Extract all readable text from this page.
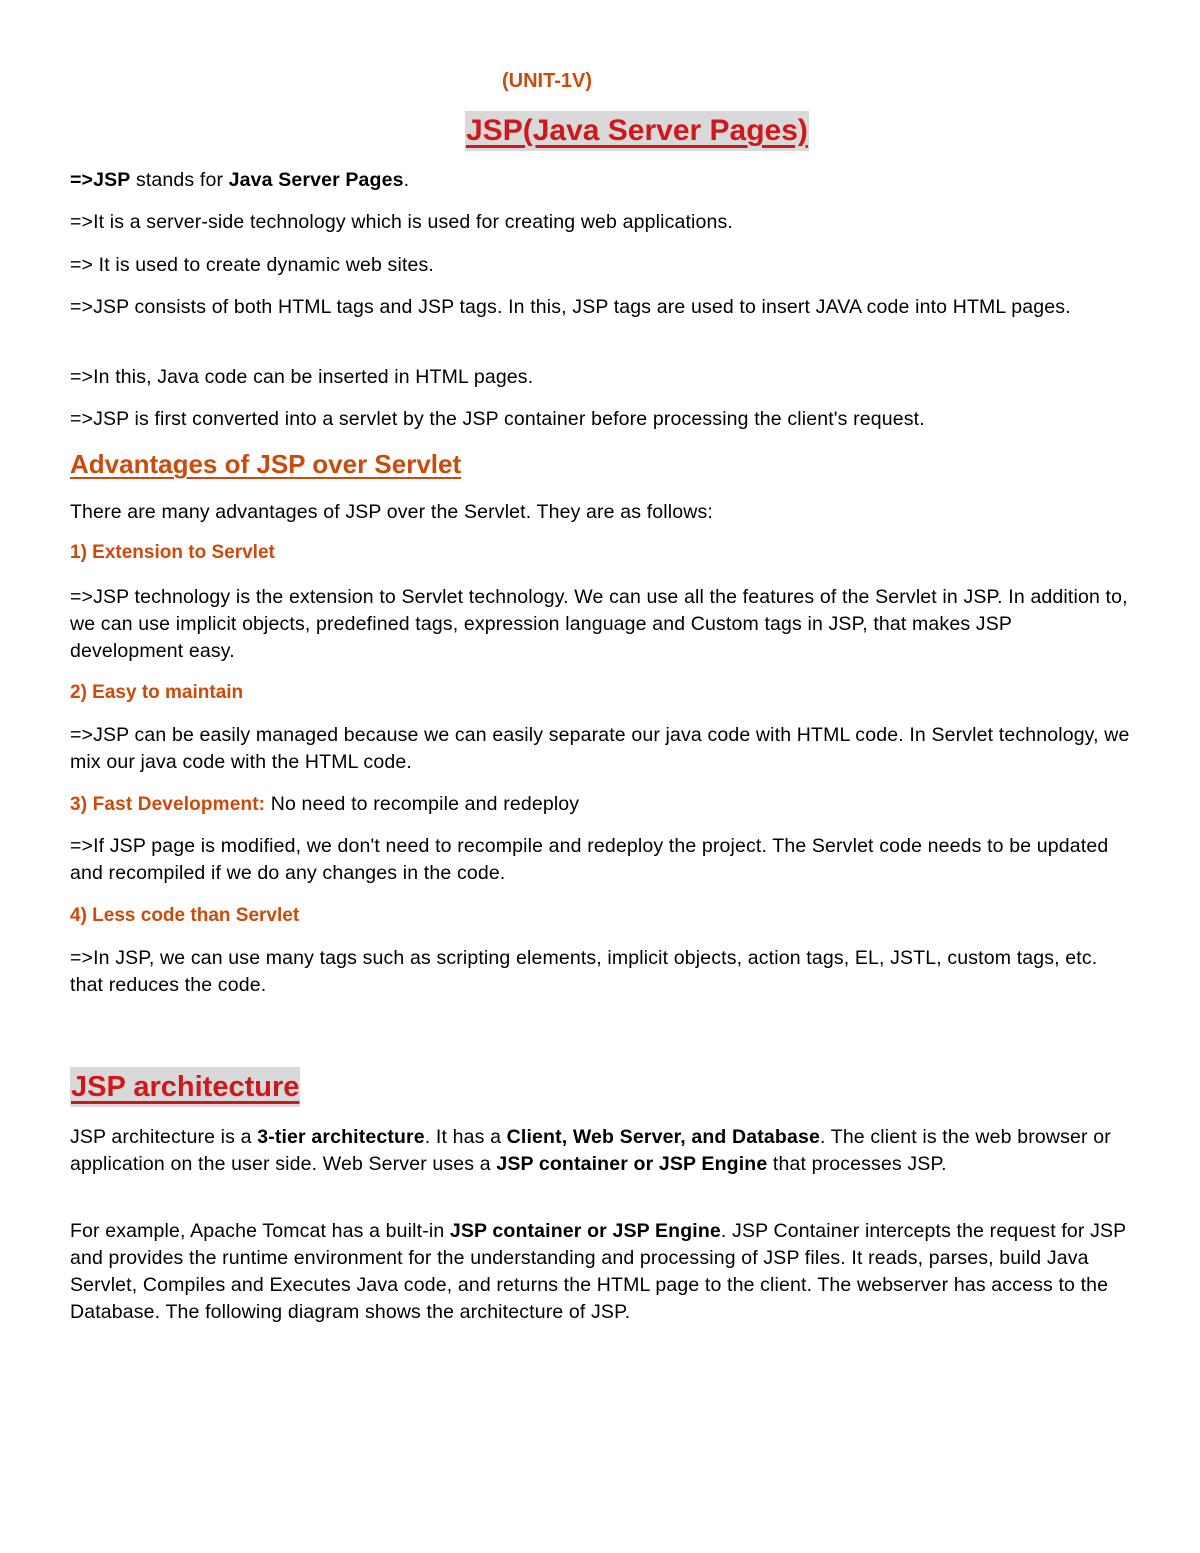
(UNIT-1V)
JSP(Java Server Pages)
=>JSP stands for Java Server Pages.
=>It is a server-side technology which is used for creating web applications.
=> It is used to create dynamic web sites.
=>JSP consists of both HTML tags and JSP tags. In this, JSP tags are used to insert JAVA code into HTML pages.
=>In this, Java code can be inserted in HTML pages.
=>JSP is first converted into a servlet by the JSP container before processing the client's request.
Advantages of JSP over Servlet
There are many advantages of JSP over the Servlet. They are as follows:
1) Extension to Servlet
=>JSP technology is the extension to Servlet technology. We can use all the features of the Servlet in JSP. In addition to, we can use implicit objects, predefined tags, expression language and Custom tags in JSP, that makes JSP development easy.
2) Easy to maintain
=>JSP can be easily managed because we can easily separate our java code with HTML code. In Servlet technology, we mix our java code with the HTML code.
3) Fast Development: No need to recompile and redeploy
=>If JSP page is modified, we don't need to recompile and redeploy the project. The Servlet code needs to be updated and recompiled if we do any changes in the code.
4) Less code than Servlet
=>In JSP, we can use many tags such as scripting elements, implicit objects, action tags, EL, JSTL, custom tags, etc. that reduces the code.
JSP architecture
JSP architecture is a 3-tier architecture. It has a Client, Web Server, and Database. The client is the web browser or application on the user side. Web Server uses a JSP container or JSP Engine that processes JSP.
For example, Apache Tomcat has a built-in JSP container or JSP Engine. JSP Container intercepts the request for JSP and provides the runtime environment for the understanding and processing of JSP files. It reads, parses, build Java Servlet, Compiles and Executes Java code, and returns the HTML page to the client. The webserver has access to the Database. The following diagram shows the architecture of JSP.
